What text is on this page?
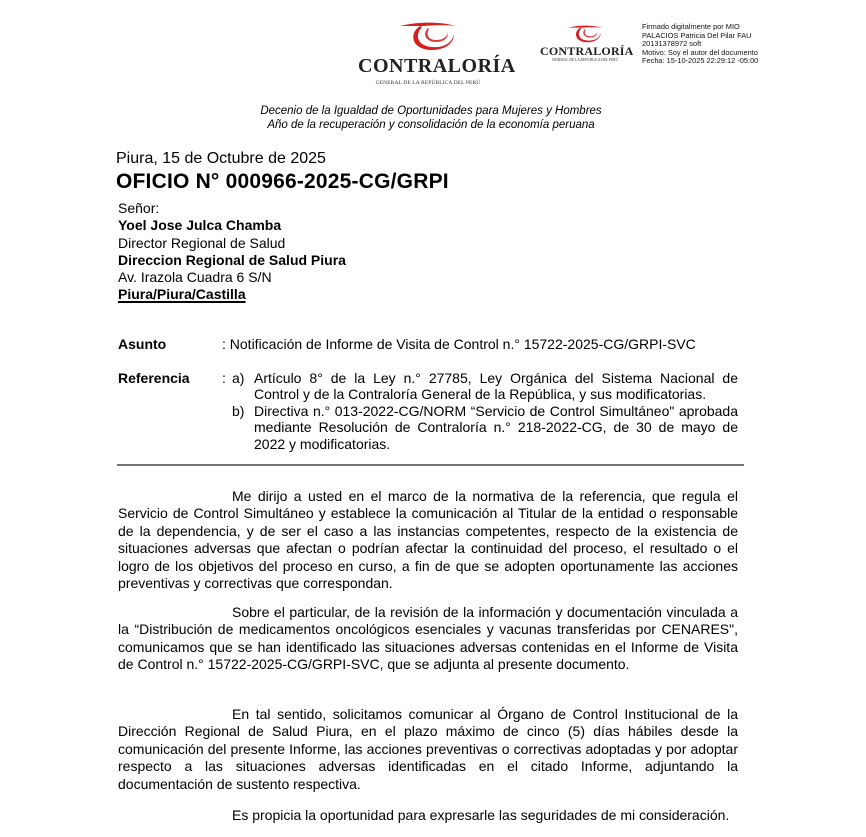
CONTRALORÍA
GENERAL DE LA REPÚBLICA DEL PERÚ
CONTRALORÍA
GENERAL DE LA REPÚBLICA DEL PERÚ
Firmado digitalmente por MIO
PALACIOS Patricia Del Pilar FAU
20131378972 soft
Motivo: Soy el autor del documento
Fecha: 15-10-2025 22:29:12 -05:00
Decenio de la Igualdad de Oportunidades para Mujeres y Hombres
Año de la recuperación y consolidación de la economía peruana
Piura, 15 de Octubre de 2025
OFICIO N° 000966-2025-CG/GRPI
Señor:
Yoel Jose Julca Chamba
Director Regional de Salud
Direccion Regional de Salud Piura
Av. Irazola Cuadra 6 S/N
Piura/Piura/Castilla
Asunto	: Notificación de Informe de Visita de Control n.° 15722-2025-CG/GRPI-SVC
Referencia : a) Artículo 8° de la Ley n.° 27785, Ley Orgánica del Sistema Nacional de Control y de la Contraloría General de la República, y sus modificatorias.
b) Directiva n.° 013-2022-CG/NORM “Servicio de Control Simultáneo" aprobada mediante Resolución de Contraloría n.° 218-2022-CG, de 30 de mayo de 2022 y modificatorias.
Me dirijo a usted en el marco de la normativa de la referencia, que regula el Servicio de Control Simultáneo y establece la comunicación al Titular de la entidad o responsable de la dependencia, y de ser el caso a las instancias competentes, respecto de la existencia de situaciones adversas que afectan o podrían afectar la continuidad del proceso, el resultado o el logro de los objetivos del proceso en curso, a fin de que se adopten oportunamente las acciones preventivas y correctivas que correspondan.
Sobre el particular, de la revisión de la información y documentación vinculada a la “Distribución de medicamentos oncológicos esenciales y vacunas transferidas por CENARES", comunicamos que se han identificado las situaciones adversas contenidas en el Informe de Visita de Control n.° 15722-2025-CG/GRPI-SVC, que se adjunta al presente documento.
En tal sentido, solicitamos comunicar al Órgano de Control Institucional de la Dirección Regional de Salud Piura, en el plazo máximo de cinco (5) días hábiles desde la comunicación del presente Informe, las acciones preventivas o correctivas adoptadas y por adoptar respecto a las situaciones adversas identificadas en el citado Informe, adjuntando la documentación de sustento respectiva.
Es propicia la oportunidad para expresarle las seguridades de mi consideración.
